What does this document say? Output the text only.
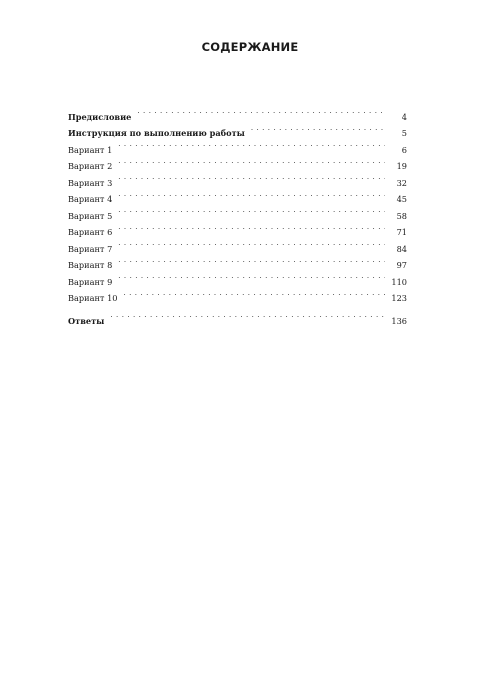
СОДЕРЖАНИЕ
Предисловие . . .	4
Инструкция по выполнению работы . . .	5
Вариант 1 . . .	6
Вариант 2 . . .	19
Вариант 3 . . .	32
Вариант 4 . . .	45
Вариант 5 . . .	58
Вариант 6 . . .	71
Вариант 7 . . .	84
Вариант 8 . . .	97
Вариант 9 . . .	110
Вариант 10 . . .	123
Ответы . . .	136
